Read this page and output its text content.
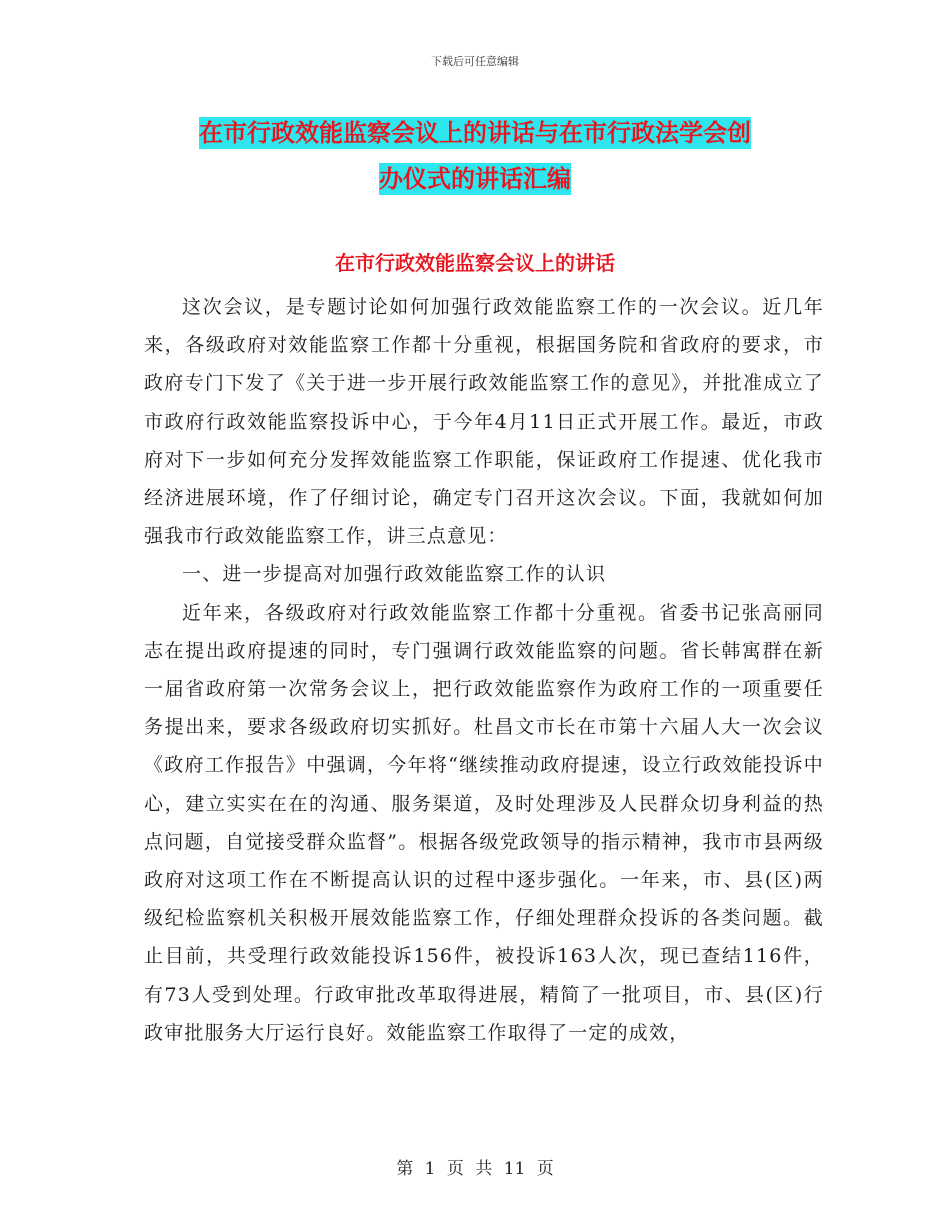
下载后可任意编辑
在市行政效能监察会议上的讲话与在市行政法学会创
办仪式的讲话汇编
在市行政效能监察会议上的讲话

这次会议，是专题讨论如何加强行政效能监察工作的一次会议。近几年来，各级政府对效能监察工作都十分重视，根据国务院和省政府的要求，市政府专门下发了《关于进一步开展行政效能监察工作的意见》，并批准成立了市政府行政效能监察投诉中心，于今年4月11日正式开展工作。最近，市政府对下一步如何充分发挥效能监察工作职能，保证政府工作提速、优化我市经济进展环境，作了仔细讨论，确定专门召开这次会议。下面，我就如何加强我市行政效能监察工作，讲三点意见：

一、进一步提高对加强行政效能监察工作的认识

近年来，各级政府对行政效能监察工作都十分重视。省委书记张高丽同志在提出政府提速的同时，专门强调行政效能监察的问题。省长韩寓群在新一届省政府第一次常务会议上，把行政效能监察作为政府工作的一项重要任务提出来，要求各级政府切实抓好。杜昌文市长在市第十六届人大一次会议《政府工作报告》中强调，今年将“继续推动政府提速，设立行政效能投诉中心，建立实实在在的沟通、服务渠道，及时处理涉及人民群众切身利益的热点问题，自觉接受群众监督”。根据各级党政领导的指示精神，我市市县两级政府对这项工作在不断提高认识的过程中逐步强化。一年来，市、县(区)两级纪检监察机关积极开展效能监察工作，仔细处理群众投诉的各类问题。截止目前，共受理行政效能投诉156件，被投诉163人次，现已查结116件，有73人受到处理。行政审批改革取得进展，精简了一批项目，市、县(区)行政审批服务大厅运行良好。效能监察工作取得了一定的成效，

第 1 页 共 11 页
